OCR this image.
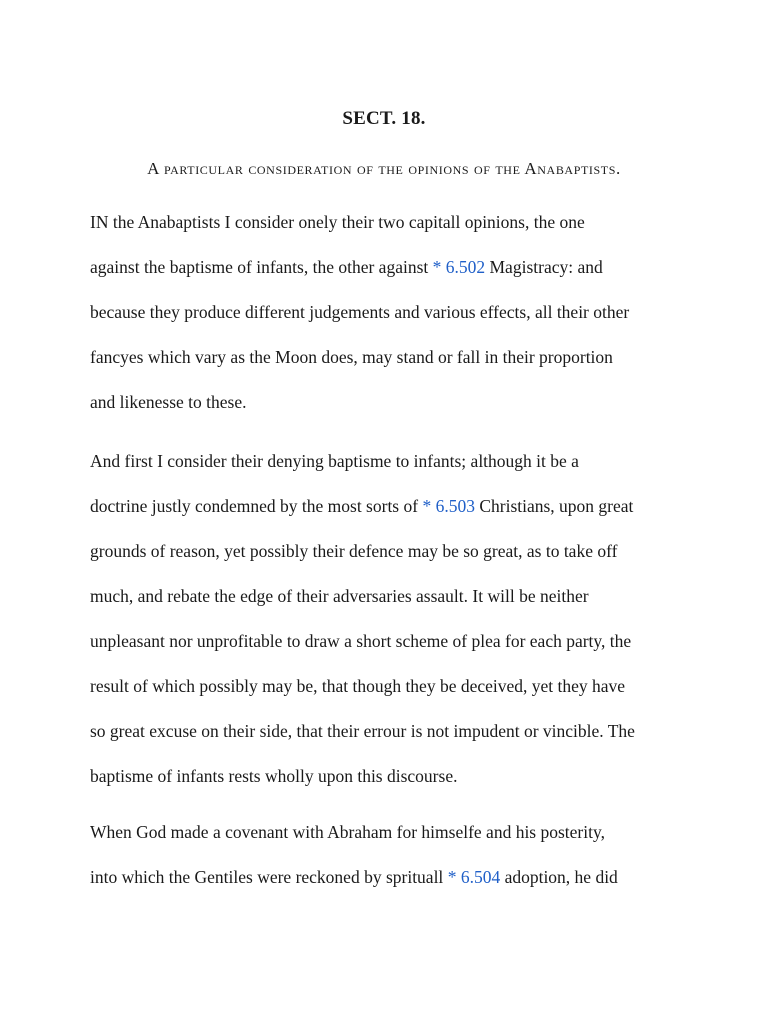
SECT. 18.
A particular consideration of the opinions of the Anabaptists.
IN the Anabaptists I consider onely their two capitall opinions, the one
against the baptisme of infants, the other against * 6.502 Magistracy: and
because they produce different judgements and various effects, all their other
fancyes which vary as the Moon does, may stand or fall in their proportion
and likenesse to these.
And first I consider their denying baptisme to infants; although it be a
doctrine justly condemned by the most sorts of * 6.503 Christians, upon great
grounds of reason, yet possibly their defence may be so great, as to take off
much, and rebate the edge of their adversaries assault. It will be neither
unpleasant nor unprofitable to draw a short scheme of plea for each party, the
result of which possibly may be, that though they be deceived, yet they have
so great excuse on their side, that their errour is not impudent or vincible. The
baptisme of infants rests wholly upon this discourse.
When God made a covenant with Abraham for himselfe and his posterity,
into which the Gentiles were reckoned by sprituall * 6.504 adoption, he did
